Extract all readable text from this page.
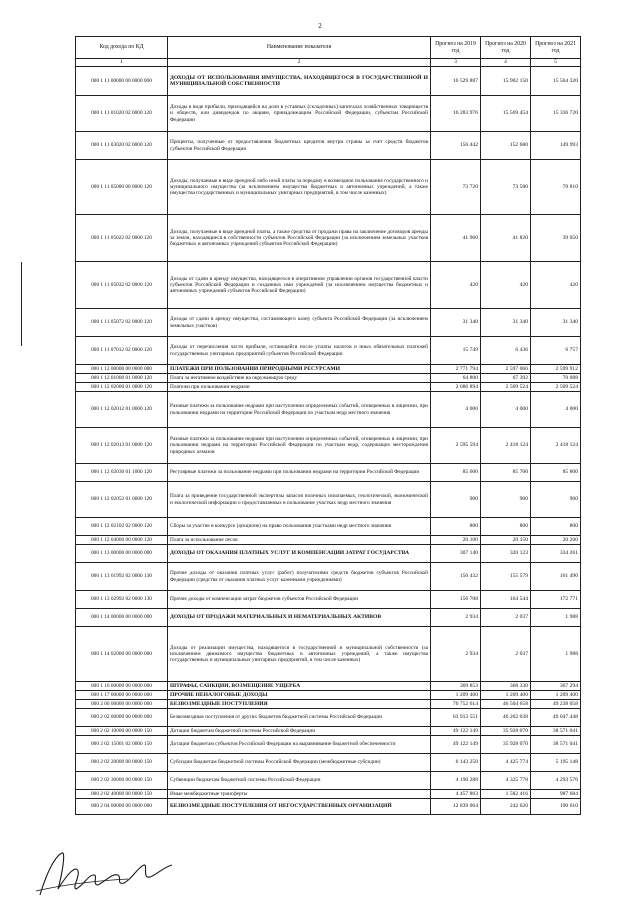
2
Код дохода по КД	Наименование показателя	Прогноз на 2019 год	Прогноз на 2020 год	Прогноз на 2021 год
1	2	3	4	5
000 1 11 00000 00 0000 000	ДОХОДЫ ОТ ИСПОЛЬЗОВАНИЯ ИМУЩЕСТВА, НАХОДЯЩЕГОСЯ В ГОСУДАРСТВЕННОЙ И МУНИЦИПАЛЬНОЙ СОБСТВЕННОСТИ	16 529 887	15 902 150	15 564 320
000 1 11 01020 02 0000 120	Доходы в виде прибыли, приходящейся на доли в уставных (складочных) капиталах хозяйственных товариществ и обществ, или дивидендов по акциям, принадлежащим Российской Федерации, субъектам Российской Федерации	16 283 976	15 569 454	15 336 720
000 1 11 03020 02 0000 120	Проценты, полученные от предоставления бюджетных кредитов внутри страны за счет средств бюджетов субъектов Российской Федерации	156 442	152 680	149 993
000 1 11 05000 00 0000 120	Доходы, получаемые в виде арендной либо иной платы за передачу в возмездное пользование государственного и муниципального имущества (за исключением имущества бюджетных и автономных учреждений, а также имущества государственных и муниципальных унитарных предприятий, в том числе казенных)	73 720	73 580	70 810
000 1 11 05022 02 0000 120	Доходы, получаемые в виде арендной платы, а также средства от продажи права на заключение договоров аренды за земли, находящиеся в собственности субъектов Российской Федерации (за исключением земельных участков бюджетных и автономных учреждений субъектов Российской Федерации)	41 960	41 820	39 050
000 1 11 05032 02 0000 120	Доходы от сдачи в аренду имущества, находящегося в оперативном управлении органов государственной власти субъектов Российской Федерации и созданных ими учреждений (за исключением имущества бюджетных и автономных учреждений субъектов Российской Федерации)	420	420	420
000 1 11 05072 02 0000 120	Доходы от сдачи в аренду имущества, составляющего казну субъекта Российской Федерации (за исключением земельных участков)	31 340	31 340	31 340
000 1 11 07012 02 0000 120	Доходы от перечисления части прибыли, остающейся после уплаты налогов и иных обязательных платежей государственных унитарных предприятий субъектов Российской Федерации	15 749	6 436	6 757
000 1 12 00000 00 0000 000	ПЛАТЕЖИ ПРИ ПОЛЬЗОВАНИИ ПРИРОДНЫМИ РЕСУРСАМИ	2 771 794	2 597 066	2 599 912
000 1 12 01000 01 0000 120	Плата за негативное воздействие на окружающую среду	64 800	67 392	70 088
000 1 12 02000 01 0000 120	Платежи при пользовании недрами	2 686 894	2 509 524	2 509 524
000 1 12 02012 01 0000 120	Разовые платежи за пользование недрами при наступлении определенных событий, оговоренных в лицензии, при пользовании недрами на территории Российской Федерации по участкам недр местного значения	4 000	4 000	4 000
000 1 12 02013 01 0000 120	Разовые платежи за пользование недрами при наступлении определенных событий, оговоренных в лицензии, при пользовании недрами на территории Российской Федерации по участкам недр, содержащих месторождения природных алмазов	2 595 594	2 418 124	2 418 124
000 1 12 02030 01 1000 120	Регулярные платежи за пользование недрами при пользовании недрами на территории Российской Федерации	85 600	85 700	85 800
000 1 12 02052 01 0000 120	Плата за проведение государственной экспертизы запасов полезных ископаемых, геологической, экономической и экологической информации о предоставляемых в пользование участках недр местного значения	900	900	900
000 1 12 02102 02 0000 120	Сборы за участие в конкурсе (аукционе) на право пользования участками недр местного значения	800	800	800
000 1 12 04000 00 0000 120	Плата за использование лесов	20 100	20 150	20 200
000 1 13 00000 00 0000 000	ДОХОДЫ ОТ ОКАЗАНИЯ ПЛАТНЫХ УСЛУГ И КОМПЕНСАЦИИ ЗАТРАТ ГОСУДАРСТВА	307 140	320 123	334 261
000 1 13 01992 02 0000 130	Прочие доходы от оказания платных услуг (работ) получателями средств бюджетов субъектов Российской Федерации (средства от оказания платных услуг казенными учреждениями)	150 432	155 579	161 490
000 1 13 02992 02 0000 130	Прочие доходы от компенсации затрат бюджетов субъектов Российской Федерации	156 708	164 544	172 771
000 1 14 00000 00 0000 000	ДОХОДЫ ОТ ПРОДАЖИ МАТЕРИАЛЬНЫХ И НЕМАТЕРИАЛЬНЫХ АКТИВОВ	2 934	2 037	1 988
000 1 14 02000 00 0000 000	Доходы от реализации имущества, находящегося в государственной и муниципальной собственности (за исключением движимого имущества бюджетных и автономных учреждений, а также имущества государственных и муниципальных унитарных предприятий, в том числе казенных)	2 934	2 037	1 988
000 1 16 00000 00 0000 000	ШТРАФЫ, САНКЦИИ, ВОЗМЕЩЕНИЕ УЩЕРБА	369 853	368 330	367 294
000 1 17 00000 00 0000 000	ПРОЧИЕ НЕНАЛОГОВЫЕ ДОХОДЫ	1 209 400	1 209 400	1 209 400
000 2 00 00000 00 0000 000	БЕЗВОЗМЕЗДНЫЕ ПОСТУПЛЕНИЯ	76 752 614	46 504 658	49 238 058
000 2 02 00000 00 0000 000	Безвозмездные поступления от других бюджетов бюджетной системы Российской Федерации	63 913 551	46 262 038	49 047 448
000 2 02 10000 00 0000 150	Дотации бюджетам бюджетной системы Российской Федерации	49 122 149	35 928 070	38 571 041
000 2 02 15001 02 0000 150	Дотации бюджетам субъектов Российской Федерации на выравнивание бюджетной обеспеченности	49 122 149	35 928 070	38 571 041
000 2 02 20000 00 0000 150	Субсидии бюджетам бюджетной системы Российской Федерации (межбюджетные субсидии)	6 143 250	4 425 774	5 195 148
000 2 02 30000 00 0000 150	Субвенции бюджетам бюджетной системы Российской Федерации	4 190 288	4 325 778	4 293 576
000 2 02 40000 00 0000 150	Иные межбюджетные трансферты	4 457 863	1 582 416	987 684
000 2 04 00000 00 0000 000	БЕЗВОЗМЕЗДНЫЕ ПОСТУПЛЕНИЯ ОТ НЕГОСУДАРСТВЕННЫХ ОРГАНИЗАЦИЙ	12 839 064	242 620	190 610
